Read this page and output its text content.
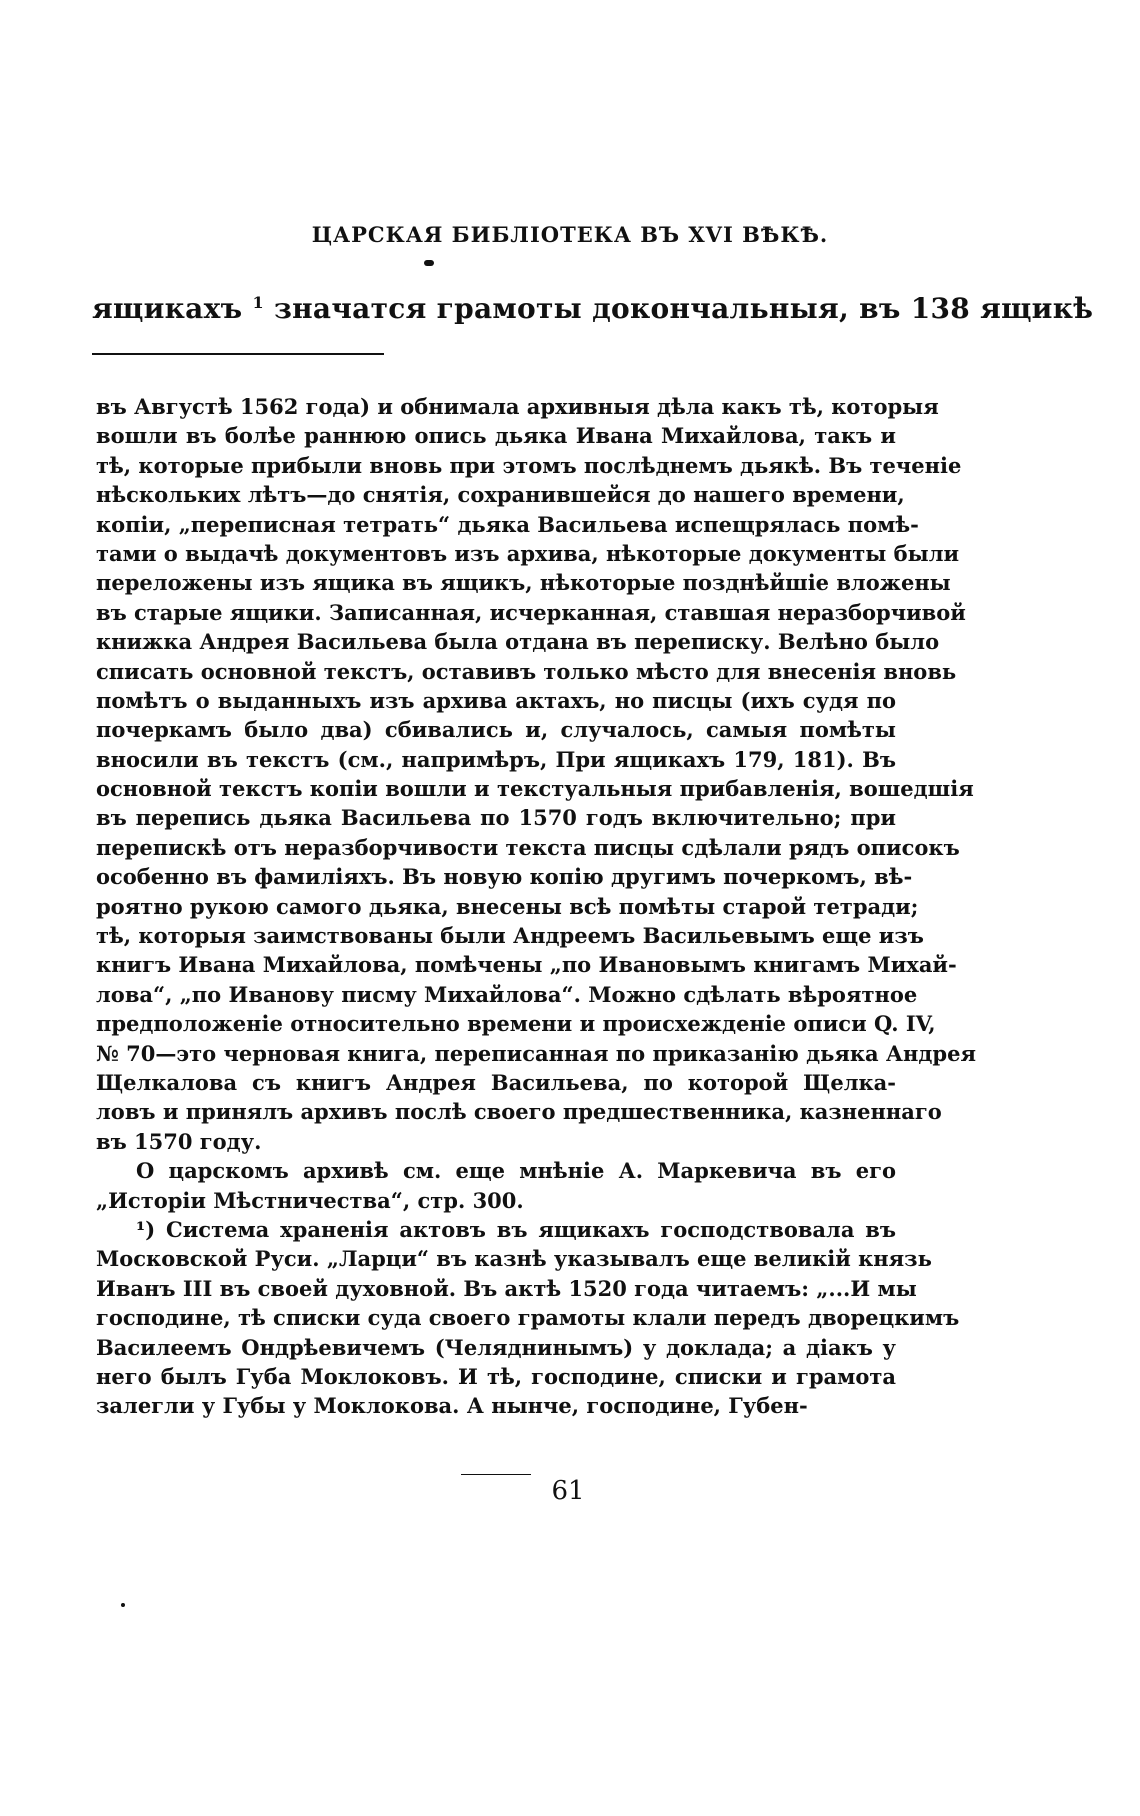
ЦАРСКАЯ БИБЛІОТЕКА ВЪ XVI ВѢКѢ.
ящикахъ $^1$ значатся грамоты докончальныя, въ 138 ящикѣ
въ Августѣ 1562 года) и обнимала архивныя дѣла какъ тѣ, которыя
вошли въ болѣе раннюю опись дьяка Ивана Михайлова, такъ и
тѣ, которые прибыли вновь при этомъ послѣднемъ дьякѣ. Въ теченіе
нѣскольких лѣтъ—до снятія, сохранившейся до нашего времени,
копіи, „переписная тетрать“ дьяка Васильева испещрялась помѣ-
тами о выдачѣ документовъ изъ архива, нѣкоторые документы были
переложены изъ ящика въ ящикъ, нѣкоторые позднѣйшіе вложены
въ старые ящики. Записанная, исчерканная, ставшая неразборчивой
книжка Андрея Васильева была отдана въ переписку. Велѣно было
списать основной текстъ, оставивъ только мѣсто для внесенія вновь
помѣтъ о выданныхъ изъ архива актахъ, но писцы (ихъ судя по
почеркамъ было два) сбивались и, случалось, самыя помѣты
вносили въ текстъ (см., напримѣръ, При ящикахъ 179, 181). Въ
основной текстъ копіи вошли и текстуальныя прибавленія, вошедшія
въ перепись дьяка Васильева по 1570 годъ включительно; при
перепискѣ отъ неразборчивости текста писцы сдѣлали рядъ описокъ
особенно въ фамиліяхъ. Въ новую копію другимъ почеркомъ, вѣ-
роятно рукою самого дьяка, внесены всѣ помѣты старой тетради;
тѣ, которыя заимствованы были Андреемъ Васильевымъ еще изъ
книгъ Ивана Михайлова, помѣчены „по Ивановымъ книгамъ Михай-
лова“, „по Иванову писму Михайлова“. Можно сдѣлать вѣроятное
предположеніе относительно времени и происхежденіе описи Q. IV,
№ 70—это черновая книга, переписанная по приказанію дьяка Андрея
Щелкалова съ книгъ Андрея Васильева, по которой Щелка-
ловъ и принялъ архивъ послѣ своего предшественника, казненнаго
въ 1570 году.
О царскомъ архивѣ см. еще мнѣніе А. Маркевича въ его
„Исторіи Мѣстничества“, стр. 300.
¹) Система храненія актовъ въ ящикахъ господствовала въ
Московской Руси. „Ларци“ въ казнѣ указывалъ еще великій князь
Иванъ III въ своей духовной. Въ актѣ 1520 года читаемъ: „...И мы
господине, тѣ списки суда своего грамоты клали передъ дворецкимъ
Василеемъ Ондрѣевичемъ (Челяднинымъ) у доклада; а діакъ у
него былъ Губа Моклоковъ. И тѣ, господине, списки и грамота
залегли у Губы у Моклокова. А нынче, господине, Губен-
61
